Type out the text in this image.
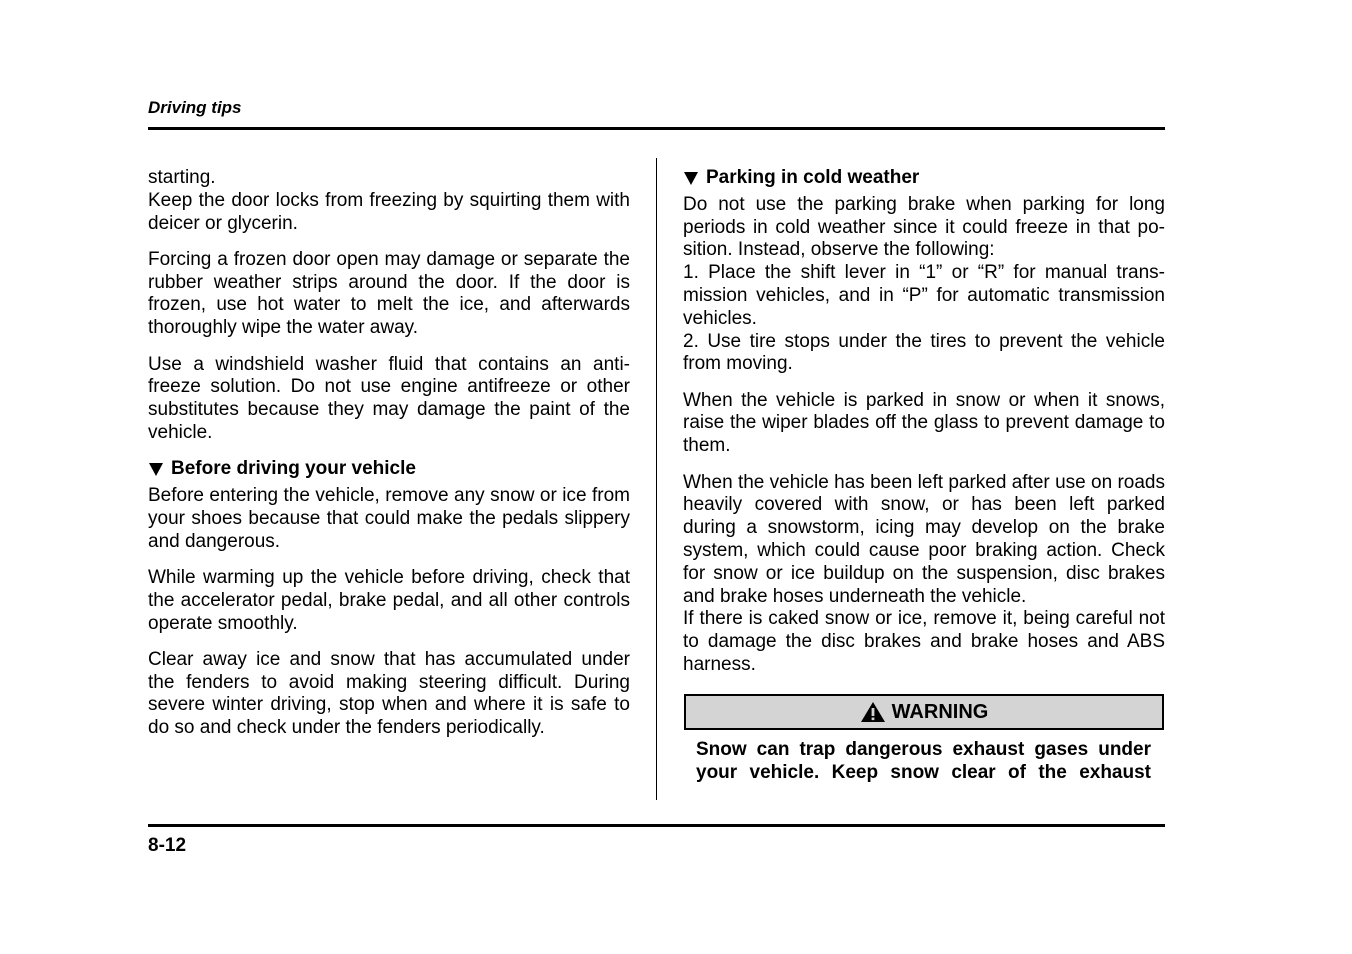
Driving tips

starting.

Keep the door locks from freezing by squirting them with deicer or glycerin.

Forcing a frozen door open may damage or separate the rubber weather strips around the door. If the door is frozen, use hot water to melt the ice, and afterwards thoroughly wipe the water away.

Use a windshield washer fluid that contains an anti-freeze solution. Do not use engine antifreeze or other substitutes because they may damage the paint of the vehicle.

Before driving your vehicle

Before entering the vehicle, remove any snow or ice from your shoes because that could make the pedals slippery and dangerous.

While warming up the vehicle before driving, check that the accelerator pedal, brake pedal, and all other controls operate smoothly.

Clear away ice and snow that has accumulated under the fenders to avoid making steering difficult. During severe winter driving, stop when and where it is safe to do so and check under the fenders periodically.

Parking in cold weather

Do not use the parking brake when parking for long periods in cold weather since it could freeze in that po-sition. Instead, observe the following:

1. Place the shift lever in “1” or “R” for manual trans-mission vehicles, and in “P” for automatic transmission vehicles.

2. Use tire stops under the tires to prevent the vehicle from moving.

When the vehicle is parked in snow or when it snows, raise the wiper blades off the glass to prevent damage to them.

When the vehicle has been left parked after use on roads heavily covered with snow, or has been left parked during a snowstorm, icing may develop on the brake system, which could cause poor braking action. Check for snow or ice buildup on the suspension, disc brakes and brake hoses underneath the vehicle.

If there is caked snow or ice, remove it, being careful not to damage the disc brakes and brake hoses and ABS harness.

WARNING
Snow can trap dangerous exhaust gases under your vehicle. Keep snow clear of the exhaust
8-12
